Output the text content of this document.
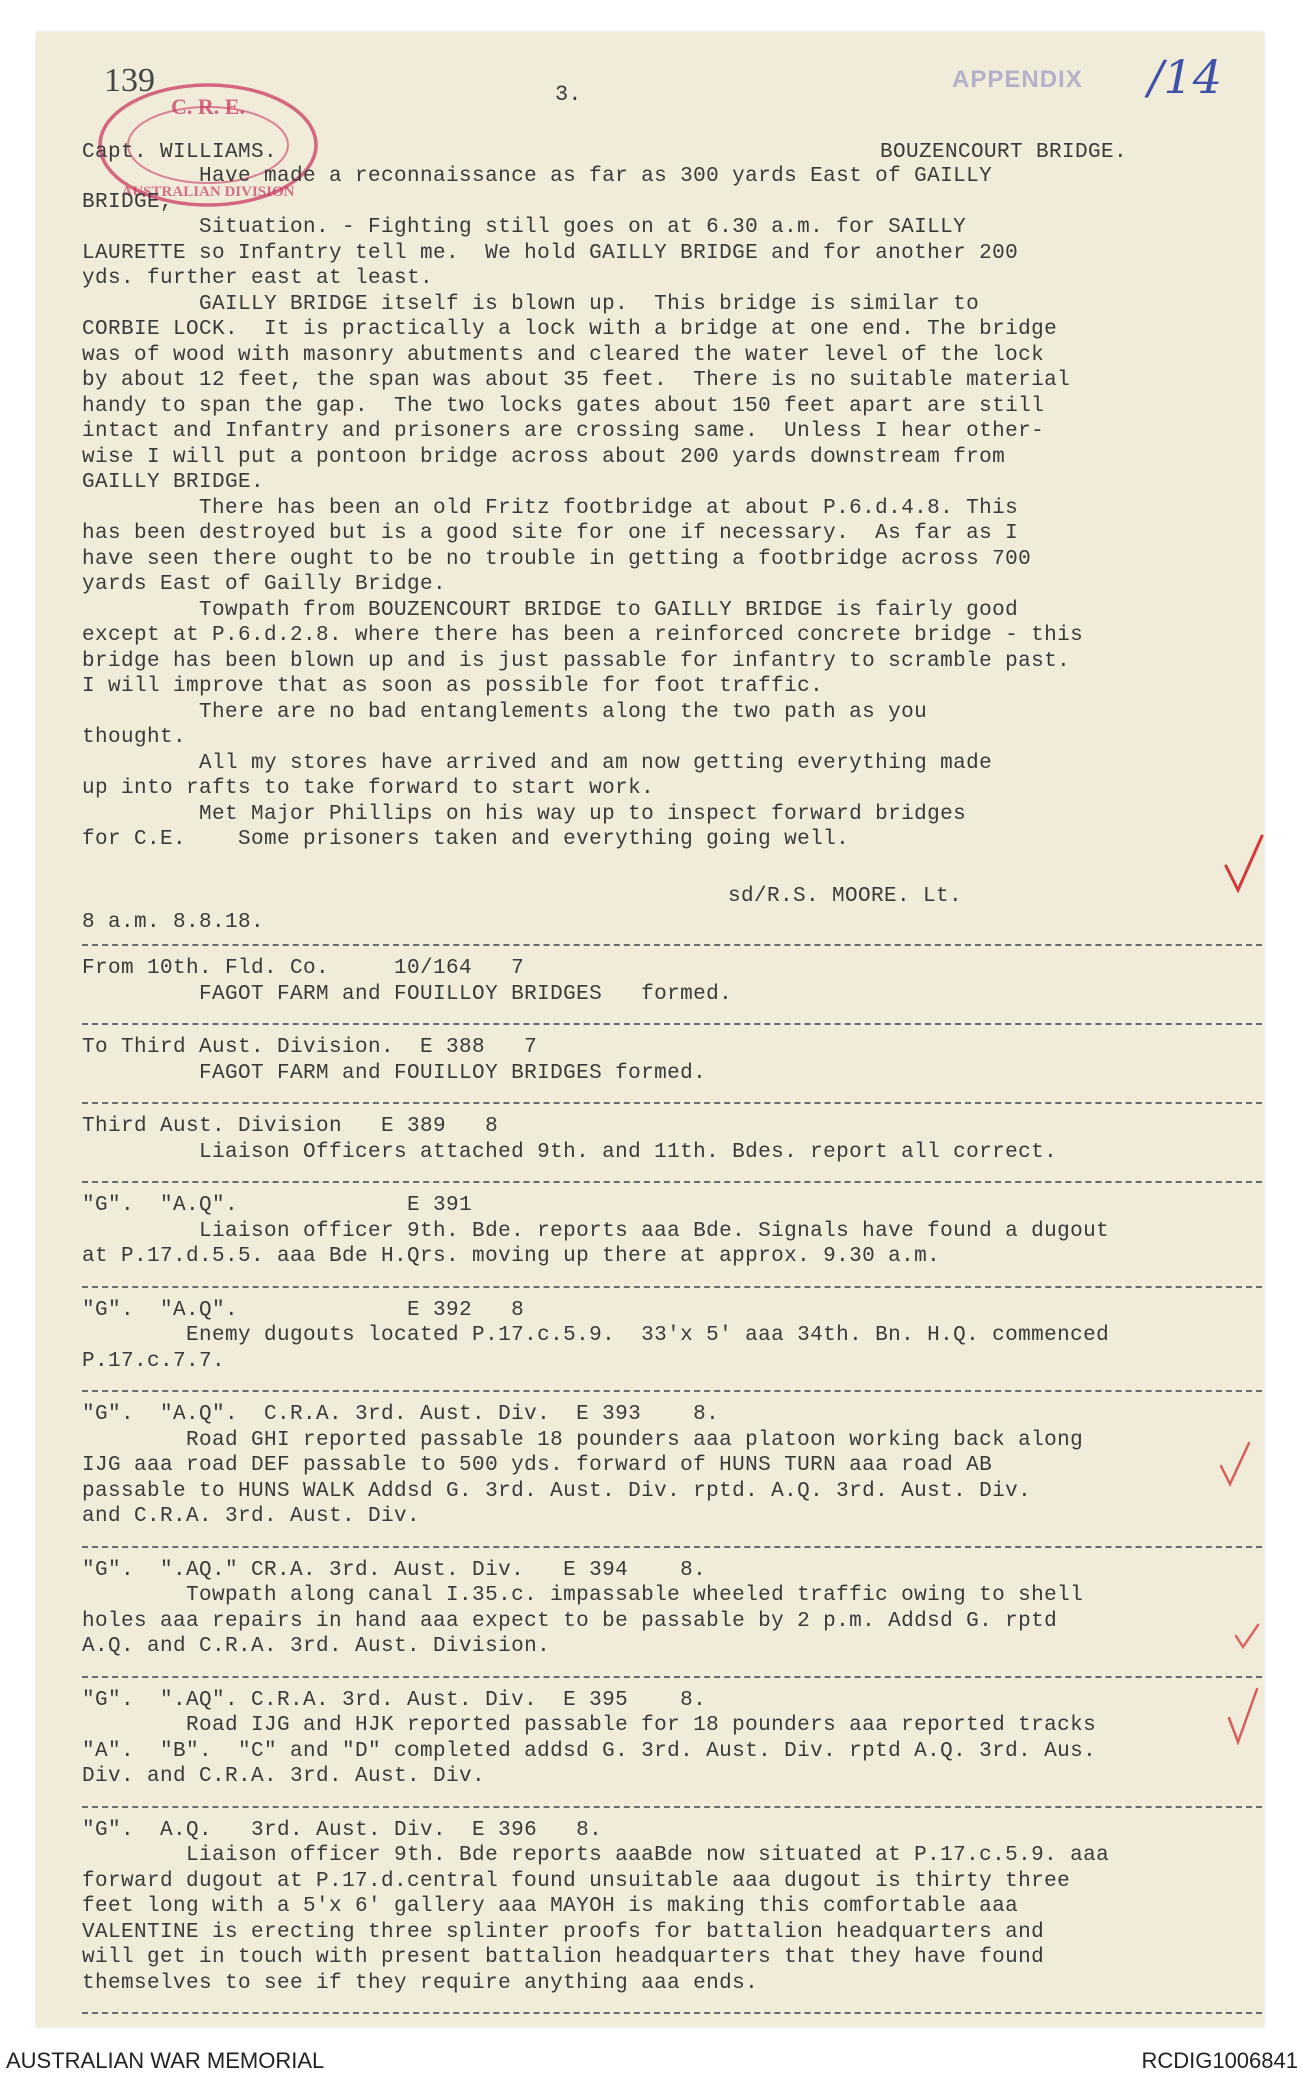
139	3.
APPENDIX /14
C. R. E.
AUSTRALIAN DIVISION
Capt. WILLIAMS.	BOUZENCOURT BRIDGE.
Have made a reconnaissance as far as 300 yards East of GAILLY
BRIDGE,
Situation. - Fighting still goes on at 6.30 a.m. for SAILLY
LAURETTE so Infantry tell me.  We hold GAILLY BRIDGE and for another 200
yds. further east at least.
GAILLY BRIDGE itself is blown up.  This bridge is similar to
CORBIE LOCK.  It is practically a lock with a bridge at one end. The bridge
was of wood with masonry abutments and cleared the water level of the lock
by about 12 feet, the span was about 35 feet.  There is no suitable material
handy to span the gap.  The two locks gates about 150 feet apart are still
intact and Infantry and prisoners are crossing same.  Unless I hear other-
wise I will put a pontoon bridge across about 200 yards downstream from
GAILLY BRIDGE.
There has been an old Fritz footbridge at about P.6.d.4.8. This
has been destroyed but is a good site for one if necessary.  As far as I
have seen there ought to be no trouble in getting a footbridge across 700
yards East of Gailly Bridge.
Towpath from BOUZENCOURT BRIDGE to GAILLY BRIDGE is fairly good
except at P.6.d.2.8. where there has been a reinforced concrete bridge - this
bridge has been blown up and is just passable for infantry to scramble past.
I will improve that as soon as possible for foot traffic.
There are no bad entanglements along the two path as you
thought.
All my stores have arrived and am now getting everything made
up into rafts to take forward to start work.
Met Major Phillips on his way up to inspect forward bridges
for C.E.    Some prisoners taken and everything going well.
sd/R.S. MOORE. Lt.
8 a.m. 8.8.18.
From 10th. Fld. Co.     10/164   7
FAGOT FARM and FOUILLOY BRIDGES   formed.
To Third Aust. Division.  E 388   7
FAGOT FARM and FOUILLOY BRIDGES formed.
Third Aust. Division   E 389   8
Liaison Officers attached 9th. and 11th. Bdes. report all correct.
"G".  "A.Q".             E 391
Liaison officer 9th. Bde. reports aaa Bde. Signals have found a dugout
at P.17.d.5.5. aaa Bde H.Qrs. moving up there at approx. 9.30 a.m.
"G".  "A.Q".             E 392   8
Enemy dugouts located P.17.c.5.9.  33'x 5' aaa 34th. Bn. H.Q. commenced
P.17.c.7.7.
"G".  "A.Q".  C.R.A. 3rd. Aust. Div.  E 393    8.
Road GHI reported passable 18 pounders aaa platoon working back along
IJG aaa road DEF passable to 500 yds. forward of HUNS TURN aaa road AB
passable to HUNS WALK Addsd G. 3rd. Aust. Div. rptd. A.Q. 3rd. Aust. Div.
and C.R.A. 3rd. Aust. Div.
"G".  ".AQ." CR.A. 3rd. Aust. Div.   E 394    8.
Towpath along canal I.35.c. impassable wheeled traffic owing to shell
holes aaa repairs in hand aaa expect to be passable by 2 p.m. Addsd G. rptd
A.Q. and C.R.A. 3rd. Aust. Division.
"G".  ".AQ". C.R.A. 3rd. Aust. Div.  E 395    8.
Road IJG and HJK reported passable for 18 pounders aaa reported tracks
"A".  "B".  "C" and "D" completed addsd G. 3rd. Aust. Div. rptd A.Q. 3rd. Aus.
Div. and C.R.A. 3rd. Aust. Div.
"G".  A.Q.   3rd. Aust. Div.  E 396   8.
Liaison officer 9th. Bde reports aaaBde now situated at P.17.c.5.9. aaa
forward dugout at P.17.d.central found unsuitable aaa dugout is thirty three
feet long with a 5'x 6' gallery aaa MAYOH is making this comfortable aaa
VALENTINE is erecting three splinter proofs for battalion headquarters and
will get in touch with present battalion headquarters that they have found
themselves to see if they require anything aaa ends.
AUSTRALIAN WAR MEMORIAL	RCDIG1006841
